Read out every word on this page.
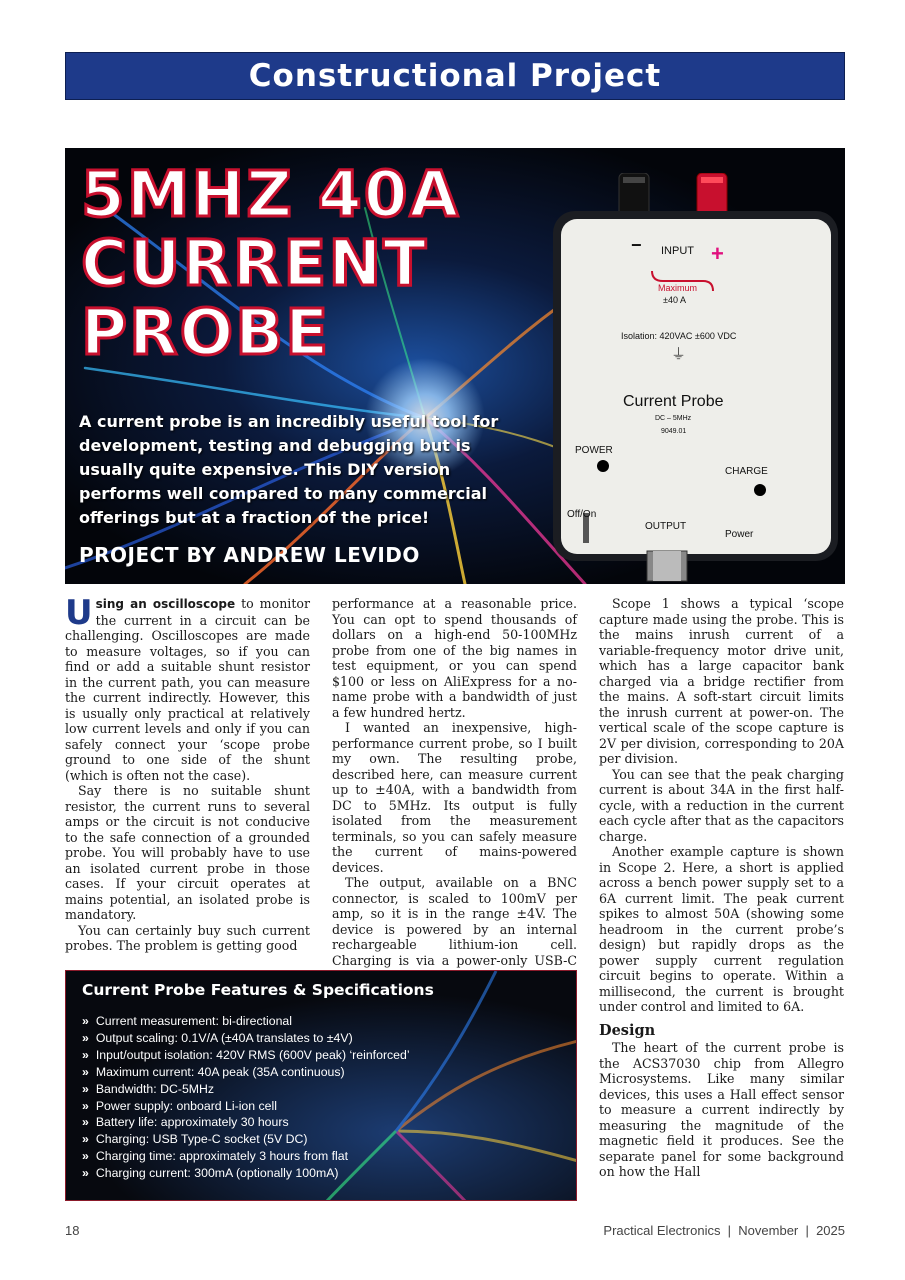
Constructional Project
− INPUT +
Maximum
±40 A
Isolation: 420VAC ±600 VDC
⏚
Current Probe
DC – 5MHz
9049.01
POWER
CHARGE
Off/On
OUTPUT
Power
5MHZ 40A
CURRENT
PROBE

A current probe is an incredibly useful tool for development, testing and debugging but is usually quite expensive. This DIY version performs well compared to many commercial offerings but at a fraction of the price!

PROJECT BY ANDREW LEVIDO

Using an oscilloscope to monitor the current in a circuit can be challenging. Oscilloscopes are made to measure voltages, so if you can find or add a suitable shunt resistor in the current path, you can measure the current indirectly. However, this is usually only practical at relatively low current levels and only if you can safely connect your ‘scope probe ground to one side of the shunt (which is often not the case).

Say there is no suitable shunt resistor, the current runs to several amps or the circuit is not conducive to the safe connection of a grounded probe. You will probably have to use an isolated current probe in those cases. If your circuit operates at mains potential, an isolated probe is mandatory.

You can certainly buy such current probes. The problem is getting good

performance at a reasonable price. You can opt to spend thousands of dollars on a high-end 50-100MHz probe from one of the big names in test equipment, or you can spend $100 or less on AliExpress for a no-name probe with a bandwidth of just a few hundred hertz.

I wanted an inexpensive, high-performance current probe, so I built my own. The resulting probe, described here, can measure current up to ±40A, with a bandwidth from DC to 5MHz. Its output is fully isolated from the measurement terminals, so you can safely measure the current of mains-powered devices.

The output, available on a BNC connector, is scaled to 100mV per amp, so it is in the range ±4V. The device is powered by an internal rechargeable lithium-ion cell. Charging is via a power-only USB-C

Scope 1 shows a typical ‘scope capture made using the probe. This is the mains inrush current of a variable-frequency motor drive unit, which has a large capacitor bank charged via a bridge rectifier from the mains. A soft-start circuit limits the inrush current at power-on. The vertical scale of the scope capture is 2V per division, corresponding to 20A per division.

You can see that the peak charging current is about 34A in the first half-cycle, with a reduction in the current each cycle after that as the capacitors charge.

Another example capture is shown in Scope 2. Here, a short is applied across a bench power supply set to a 6A current limit. The peak current spikes to almost 50A (showing some headroom in the current probe’s design) but rapidly drops as the power supply current regulation circuit begins to operate. Within a millisecond, the current is brought under control and limited to 6A.

Design

The heart of the current probe is the ACS37030 chip from Allegro Microsystems. Like many similar devices, this uses a Hall effect sensor to measure a current indirectly by measuring the magnitude of the magnetic field it produces. See the separate panel for some background on how the Hall

Current Probe Features & Specifications
» Current measurement: bi-directional
» Output scaling: 0.1V/A (±40A translates to ±4V)
» Input/output isolation: 420V RMS (600V peak) ‘reinforced’
» Maximum current: 40A peak (35A continuous)
» Bandwidth: DC-5MHz
» Power supply: onboard Li-ion cell
» Battery life: approximately 30 hours
» Charging: USB Type-C socket (5V DC)
» Charging time: approximately 3 hours from flat
» Charging current: 300mA (optionally 100mA)
18	Practical Electronics  |  November  |  2025
